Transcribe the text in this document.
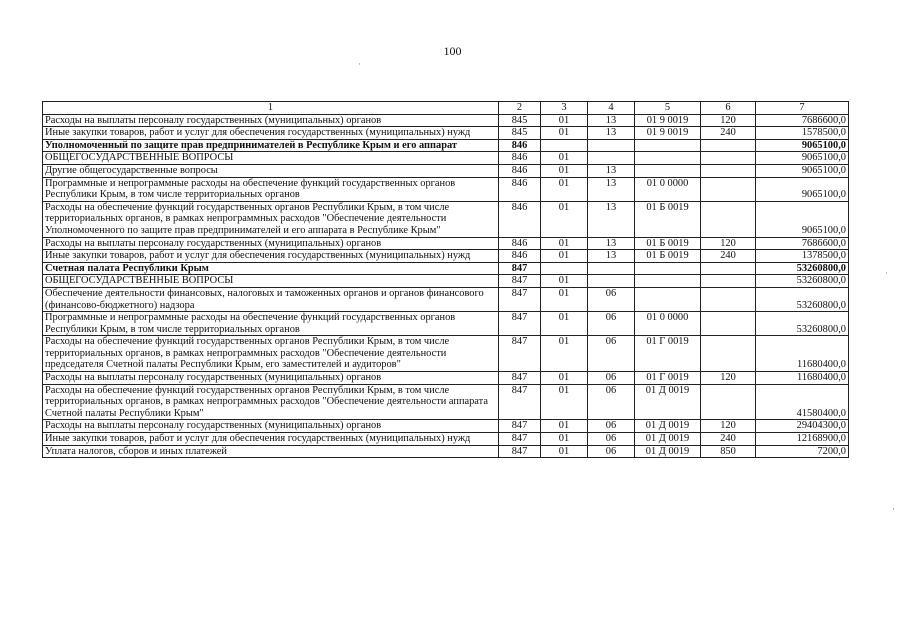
100
1	2	3	4	5	6	7
Расходы на выплаты персоналу государственных (муниципальных) органов	845	01	13	01 9 0019	120	7686600,0
Иные закупки товаров, работ и услуг для обеспечения государственных (муниципальных) нужд	845	01	13	01 9 0019	240	1578500,0
Уполномоченный по защите прав предпринимателей в Республике Крым и его аппарат	846					9065100,0
ОБЩЕГОСУДАРСТВЕННЫЕ ВОПРОСЫ	846	01				9065100,0
Другие общегосударственные вопросы	846	01	13			9065100,0
Программные и непрограммные расходы на обеспечение функций государственных органов Республики Крым, в том числе территориальных органов	846	01	13	01 0 0000		9065100,0
Расходы на обеспечение функций государственных органов Республики Крым, в том числе территориальных органов, в рамках непрограммных расходов "Обеспечение деятельности Уполномоченного по защите прав предпринимателей и его аппарата в Республике Крым"	846	01	13	01 Б 0019		9065100,0
Расходы на выплаты персоналу государственных (муниципальных) органов	846	01	13	01 Б 0019	120	7686600,0
Иные закупки товаров, работ и услуг для обеспечения государственных (муниципальных) нужд	846	01	13	01 Б 0019	240	1378500,0
Счетная палата Республики Крым	847					53260800,0
ОБЩЕГОСУДАРСТВЕННЫЕ ВОПРОСЫ	847	01				53260800,0
Обеспечение деятельности финансовых, налоговых и таможенных органов и органов финансового (финансово-бюджетного) надзора	847	01	06			53260800,0
Программные и непрограммные расходы на обеспечение функций государственных органов Республики Крым, в том числе территориальных органов	847	01	06	01 0 0000		53260800,0
Расходы на обеспечение функций государственных органов Республики Крым, в том числе территориальных органов, в рамках непрограммных расходов "Обеспечение деятельности председателя Счетной палаты Республики Крым, его заместителей и аудиторов"	847	01	06	01 Г 0019		11680400,0
Расходы на выплаты персоналу государственных (муниципальных) органов	847	01	06	01 Г 0019	120	11680400,0
Расходы на обеспечение функций государственных органов Республики Крым, в том числе территориальных органов, в рамках непрограммных расходов "Обеспечение деятельности аппарата Счетной палаты Республики Крым"	847	01	06	01 Д 0019		41580400,0
Расходы на выплаты персоналу государственных (муниципальных) органов	847	01	06	01 Д 0019	120	29404300,0
Иные закупки товаров, работ и услуг для обеспечения государственных (муниципальных) нужд	847	01	06	01 Д 0019	240	12168900,0
Уплата налогов, сборов и иных платежей	847	01	06	01 Д 0019	850	7200,0
·
·
·
